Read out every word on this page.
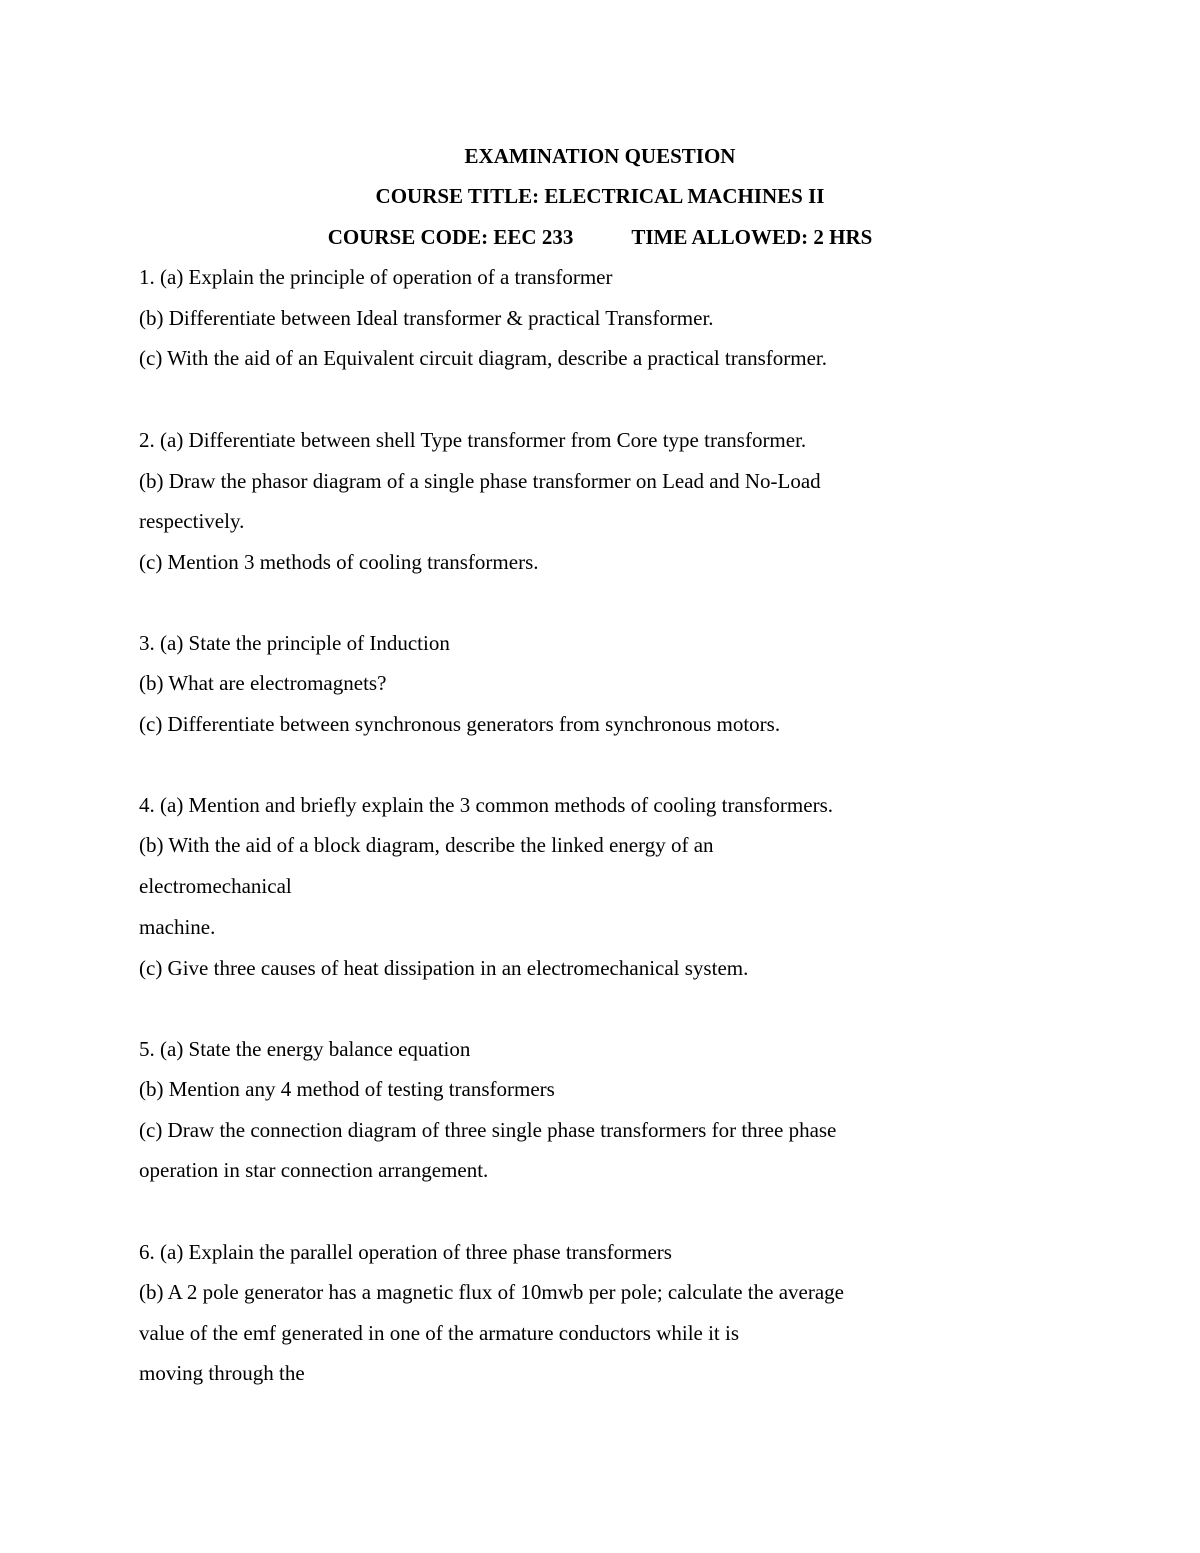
EXAMINATION QUESTION
COURSE TITLE: ELECTRICAL MACHINES II
COURSE CODE: EEC 233	TIME ALLOWED: 2 HRS
1. (a) Explain the principle of operation of a transformer
(b) Differentiate between Ideal transformer & practical Transformer.
(c) With the aid of an Equivalent circuit diagram, describe a practical transformer.
2. (a) Differentiate between shell Type transformer from Core type transformer.
(b) Draw the phasor diagram of a single phase transformer on Lead and No-Load
respectively.
(c) Mention 3 methods of cooling transformers.
3. (a) State the principle of Induction
(b) What are electromagnets?
(c) Differentiate between synchronous generators from synchronous motors.
4. (a) Mention and briefly explain the 3 common methods of cooling transformers.
(b) With the aid of a block diagram, describe the linked energy of an
electromechanical
machine.
(c) Give three causes of heat dissipation in an electromechanical system.
5. (a) State the energy balance equation
(b) Mention any 4 method of testing transformers
(c) Draw the connection diagram of three single phase transformers for three phase
operation in star connection arrangement.
6. (a) Explain the parallel operation of three phase transformers
(b) A 2 pole generator has a magnetic flux of 10mwb per pole; calculate the average
value of the emf generated in one of the armature conductors while it is
moving through the
